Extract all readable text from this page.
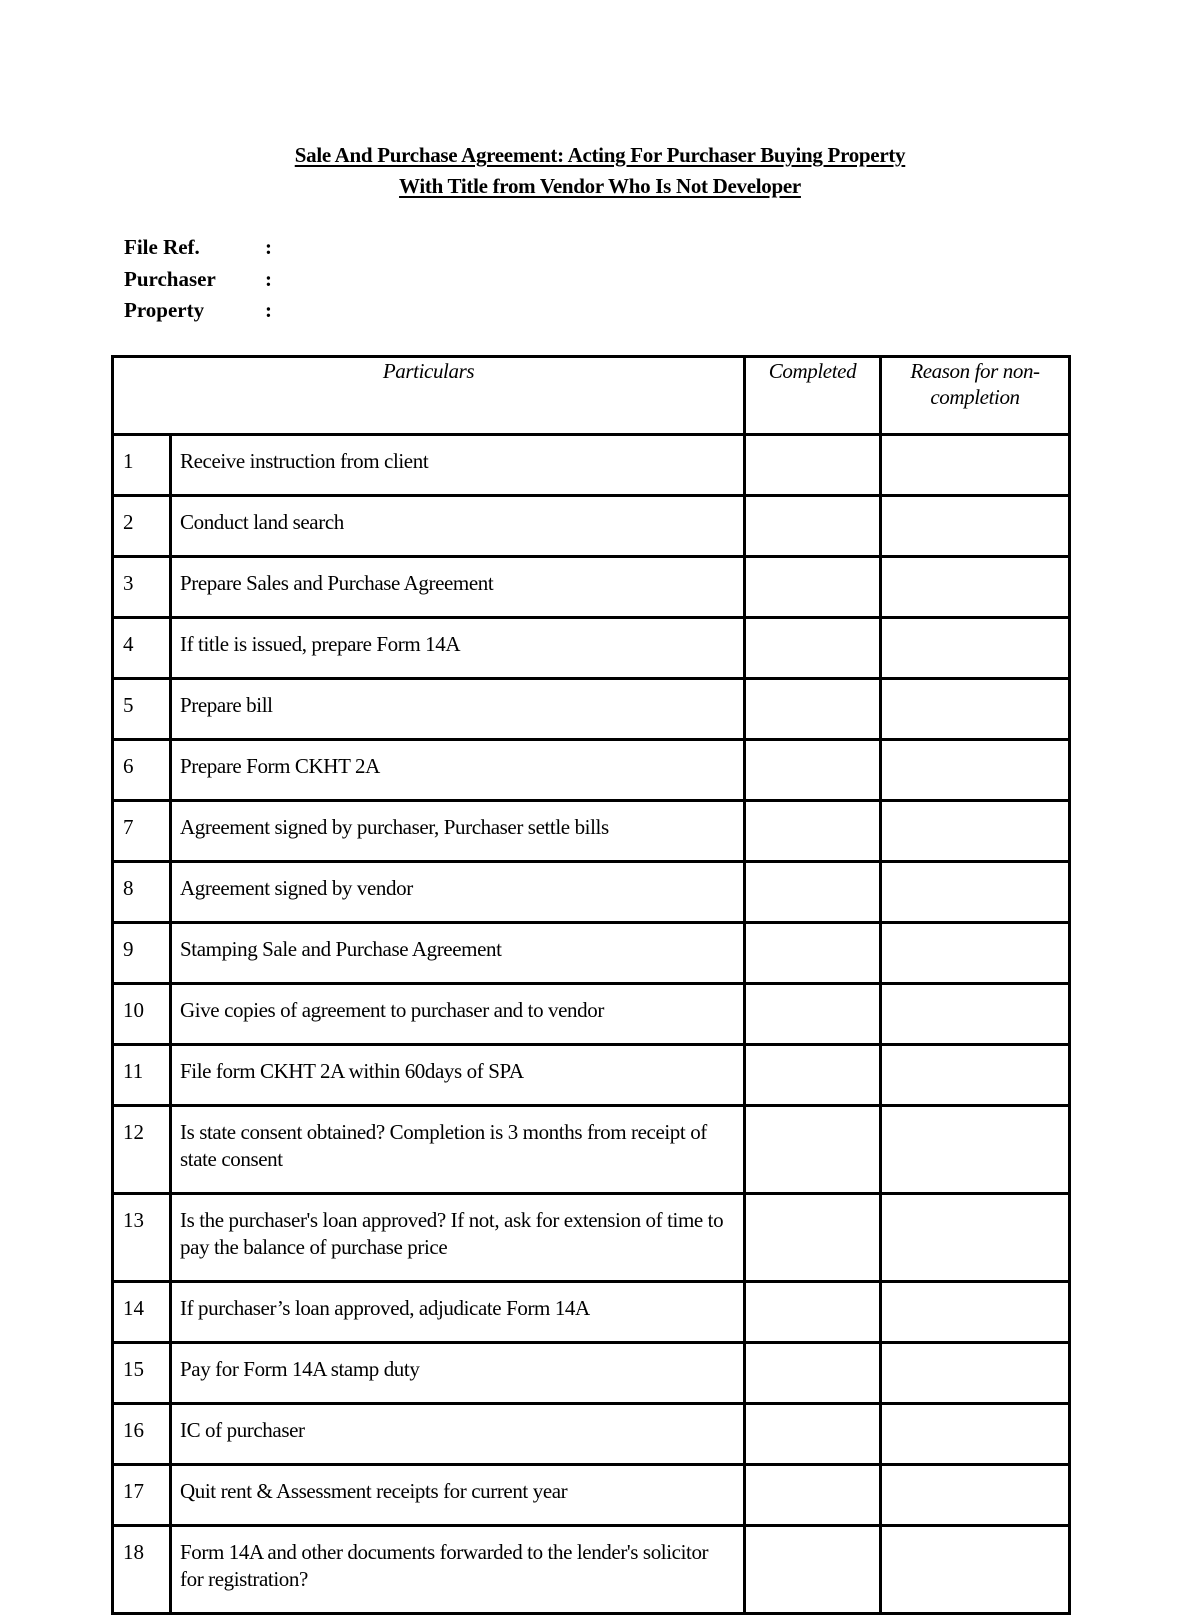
Sale And Purchase Agreement: Acting For Purchaser Buying Property
With Title from Vendor Who Is Not Developer
File Ref.	:
Purchaser	:
Property	:
Particulars		Completed	Reason for non-completion
1	Receive instruction from client		
2	Conduct land search		
3	Prepare Sales and Purchase Agreement		
4	If title is issued, prepare Form 14A		
5	Prepare bill		
6	Prepare Form CKHT 2A		
7	Agreement signed by purchaser, Purchaser settle bills		
8	Agreement signed by vendor		
9	Stamping Sale and Purchase Agreement		
10	Give copies of agreement to purchaser and to vendor		
11	File form CKHT 2A within 60days of SPA		
12	Is state consent obtained? Completion is 3 months from receipt of state consent		
13	Is the purchaser's loan approved? If not, ask for extension of time to pay the balance of purchase price		
14	If purchaser’s loan approved, adjudicate Form 14A		
15	Pay for Form 14A stamp duty		
16	IC of purchaser		
17	Quit rent & Assessment receipts for current year		
18	Form 14A and other documents forwarded to the lender's solicitor for registration?		
